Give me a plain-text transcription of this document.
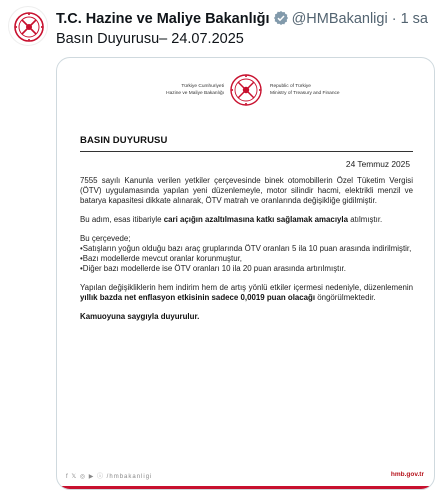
T.C. Hazine ve Maliye Bakanlığı @HMBakanligi · 1 sa
Basın Duyurusu– 24.07.2025
Türkiye Cumhuriyeti
Hazine ve Maliye Bakanlığı
Republic of Türkiye
Ministry of Treasury and Finance
BASIN DUYURUSU
24 Temmuz 2025

7555 sayılı Kanunla verilen yetkiler çerçevesinde binek otomobillerin Özel Tüketim Vergisi (ÖTV) uygulamasında yapılan yeni düzenlemeyle, motor silindir hacmi, elektrikli menzil ve batarya kapasitesi dikkate alınarak, ÖTV matrah ve oranlarında değişikliğe gidilmiştir.

Bu adım, esas itibariyle cari açığın azaltılmasına katkı sağlamak amacıyla atılmıştır.

Bu çerçevede;

•Satışların yoğun olduğu bazı araç gruplarında ÖTV oranları 5 ila 10 puan arasında indirilmiştir,

•Bazı modellerde mevcut oranlar korunmuştur,

•Diğer bazı modellerde ise ÖTV oranları 10 ila 20 puan arasında artırılmıştır.

Yapılan değişikliklerin hem indirim hem de artış yönlü etkiler içermesi nedeniyle, düzenlemenin yıllık bazda net enflasyon etkisinin sadece 0,0019 puan olacağı öngörülmektedir.

Kamuoyuna saygıyla duyurulur.

f 𝕏 ◎ ▶ ⓘ /hmbakanligi	hmb.gov.tr
